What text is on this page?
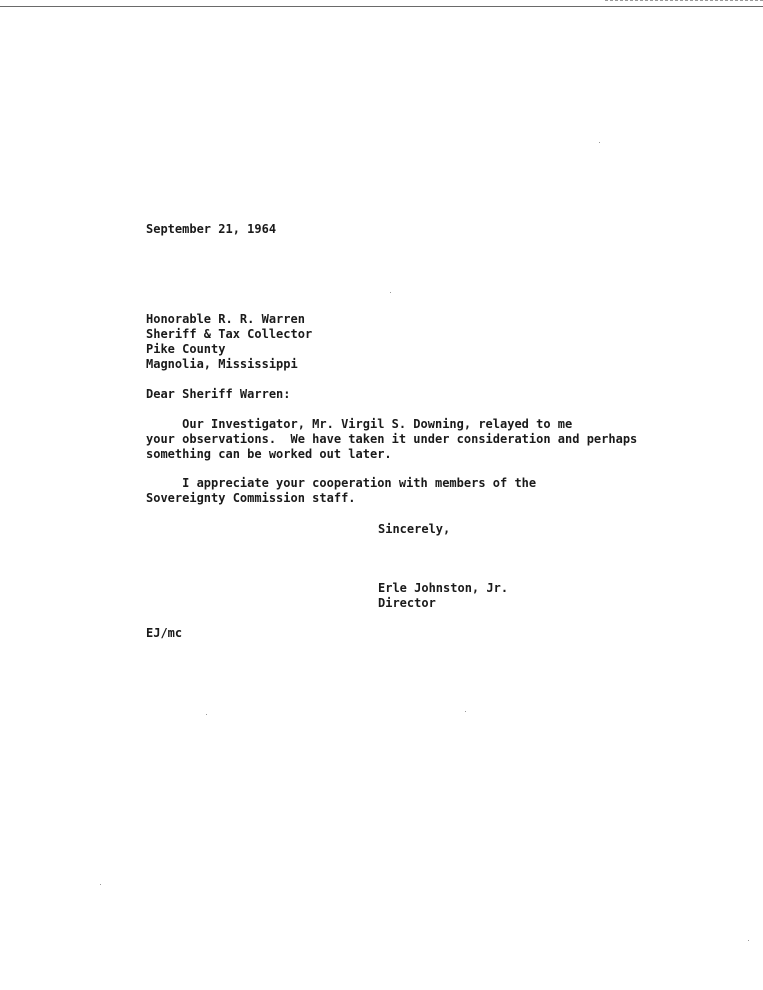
September 21, 1964
Honorable R. R. Warren
Sheriff & Tax Collector
Pike County
Magnolia, Mississippi
Dear Sheriff Warren:
Our Investigator, Mr. Virgil S. Downing, relayed to me
your observations.  We have taken it under consideration and perhaps
something can be worked out later.
I appreciate your cooperation with members of the
Sovereignty Commission staff.
Sincerely,
Erle Johnston, Jr.
Director
EJ/mc
